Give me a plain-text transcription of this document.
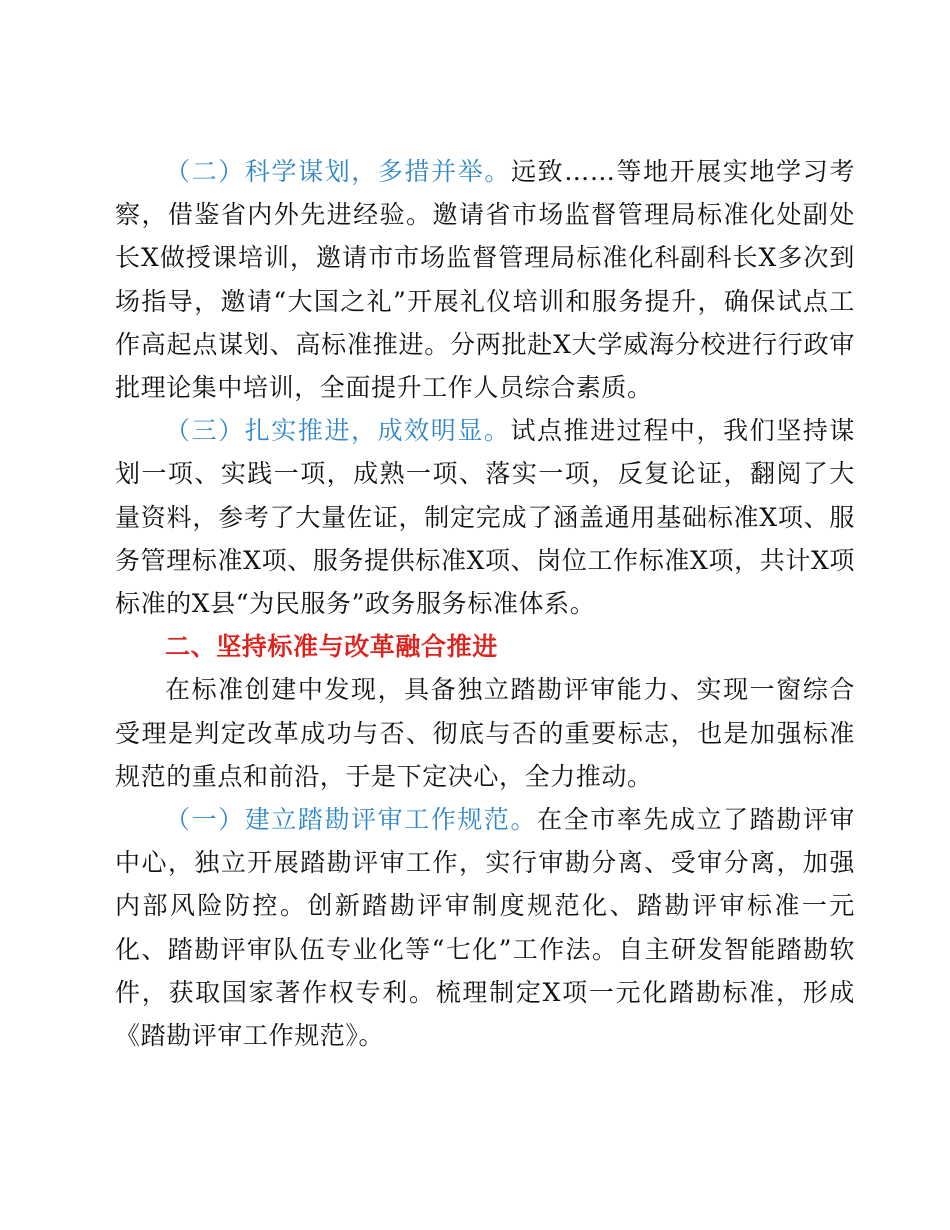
（二）科学谋划，多措并举。远致……等地开展实地学习考察，借鉴省内外先进经验。邀请省市场监督管理局标准化处副处长X做授课培训，邀请市市场监督管理局标准化科副科长X多次到场指导，邀请“大国之礼”开展礼仪培训和服务提升，确保试点工作高起点谋划、高标准推进。分两批赴X大学威海分校进行行政审批理论集中培训，全面提升工作人员综合素质。

（三）扎实推进，成效明显。试点推进过程中，我们坚持谋划一项、实践一项，成熟一项、落实一项，反复论证，翻阅了大量资料，参考了大量佐证，制定完成了涵盖通用基础标准X项、服务管理标准X项、服务提供标准X项、岗位工作标准X项，共计X项标准的X县“为民服务”政务服务标准体系。

二、坚持标准与改革融合推进

在标准创建中发现，具备独立踏勘评审能力、实现一窗综合受理是判定改革成功与否、彻底与否的重要标志，也是加强标准规范的重点和前沿，于是下定决心，全力推动。

（一）建立踏勘评审工作规范。在全市率先成立了踏勘评审中心，独立开展踏勘评审工作，实行审勘分离、受审分离，加强内部风险防控。创新踏勘评审制度规范化、踏勘评审标准一元化、踏勘评审队伍专业化等“七化”工作法。自主研发智能踏勘软件，获取国家著作权专利。梳理制定X项一元化踏勘标准，形成《踏勘评审工作规范》。
